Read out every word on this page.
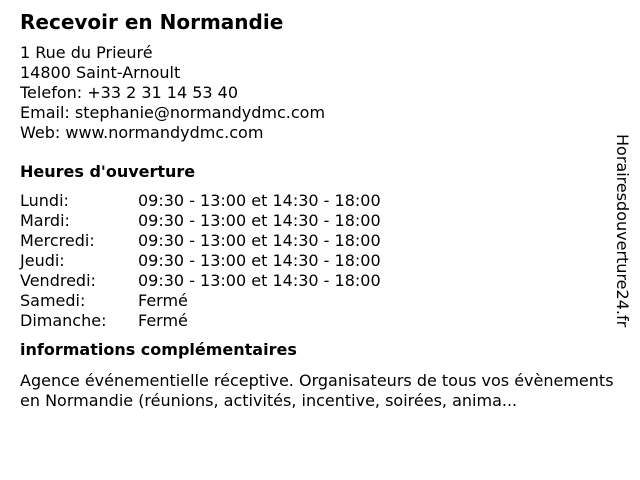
Recevoir en Normandie
1 Rue du Prieuré
14800 Saint-Arnoult
Telefon: +33 2 31 14 53 40
Email: stephanie@normandydmc.com
Web: www.normandydmc.com
Heures d'ouverture
Lundi:	09:30 - 13:00 et 14:30 - 18:00
Mardi:	09:30 - 13:00 et 14:30 - 18:00
Mercredi:	09:30 - 13:00 et 14:30 - 18:00
Jeudi:	09:30 - 13:00 et 14:30 - 18:00
Vendredi:	09:30 - 13:00 et 14:30 - 18:00
Samedi:	Fermé
Dimanche:	Fermé
informations complémentaires
Agence événementielle réceptive. Organisateurs de tous vos évènements en Normandie (réunions, activités, incentive, soirées, anima...
Horairesdouverture24.fr
